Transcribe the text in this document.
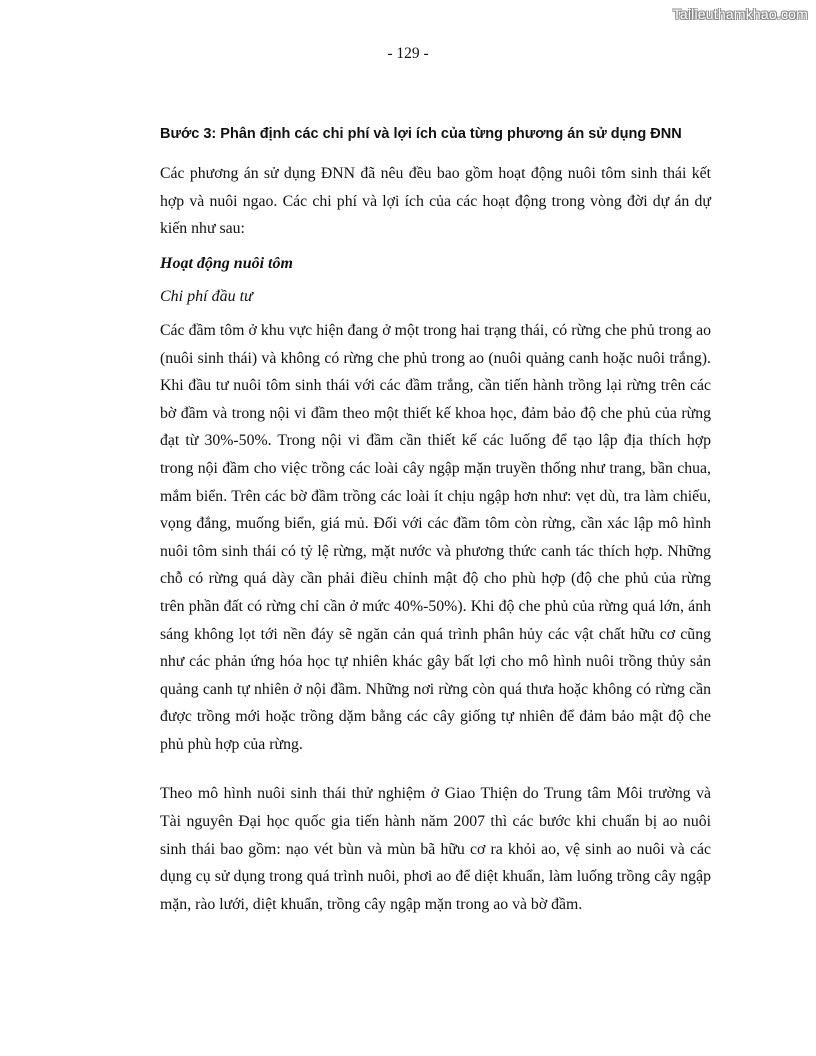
Tailieuthamkhao.com
- 129 -
Bước 3: Phân định các chi phí và lợi ích của từng phương án sử dụng ĐNN

Các phương án sử dụng ĐNN đã nêu đều bao gồm hoạt động nuôi tôm sinh thái kết hợp và nuôi ngao. Các chi phí và lợi ích của các hoạt động trong vòng đời dự án dự kiến như sau:

Hoạt động nuôi tôm

Chi phí đầu tư

Các đầm tôm ở khu vực hiện đang ở một trong hai trạng thái, có rừng che phủ trong ao (nuôi sinh thái) và không có rừng che phủ trong ao (nuôi quảng canh hoặc nuôi trắng). Khi đầu tư nuôi tôm sinh thái với các đầm trắng, cần tiến hành trồng lại rừng trên các bờ đầm và trong nội vi đầm theo một thiết kế khoa học, đảm bảo độ che phủ của rừng đạt từ 30%-50%. Trong nội vi đầm cần thiết kế các luống để tạo lập địa thích hợp trong nội đầm cho việc trồng các loài cây ngập mặn truyền thống như trang, bần chua, mắm biển. Trên các bờ đầm trồng các loài ít chịu ngập hơn như: vẹt dù, tra làm chiếu, vọng đắng, muống biển, giá mủ. Đối với các đầm tôm còn rừng, cần xác lập mô hình nuôi tôm sinh thái có tỷ lệ rừng, mặt nước và phương thức canh tác thích hợp. Những chỗ có rừng quá dày cần phải điều chỉnh mật độ cho phù hợp (độ che phủ của rừng trên phần đất có rừng chỉ cần ở mức 40%-50%). Khi độ che phủ của rừng quá lớn, ánh sáng không lọt tới nền đáy sẽ ngăn cản quá trình phân hủy các vật chất hữu cơ cũng như các phản ứng hóa học tự nhiên khác gây bất lợi cho mô hình nuôi trồng thủy sản quảng canh tự nhiên ở nội đầm. Những nơi rừng còn quá thưa hoặc không có rừng cần được trồng mới hoặc trồng dặm bằng các cây giống tự nhiên để đảm bảo mật độ che phủ phù hợp của rừng.

Theo mô hình nuôi sinh thái thử nghiệm ở Giao Thiện do Trung tâm Môi trường và Tài nguyên Đại học quốc gia tiến hành năm 2007 thì các bước khi chuẩn bị ao nuôi sinh thái bao gồm: nạo vét bùn và mùn bã hữu cơ ra khỏi ao, vệ sinh ao nuôi và các dụng cụ sử dụng trong quá trình nuôi, phơi ao để diệt khuẩn, làm luống trồng cây ngập mặn, rào lưới, diệt khuẩn, trồng cây ngập mặn trong ao và bờ đầm.
